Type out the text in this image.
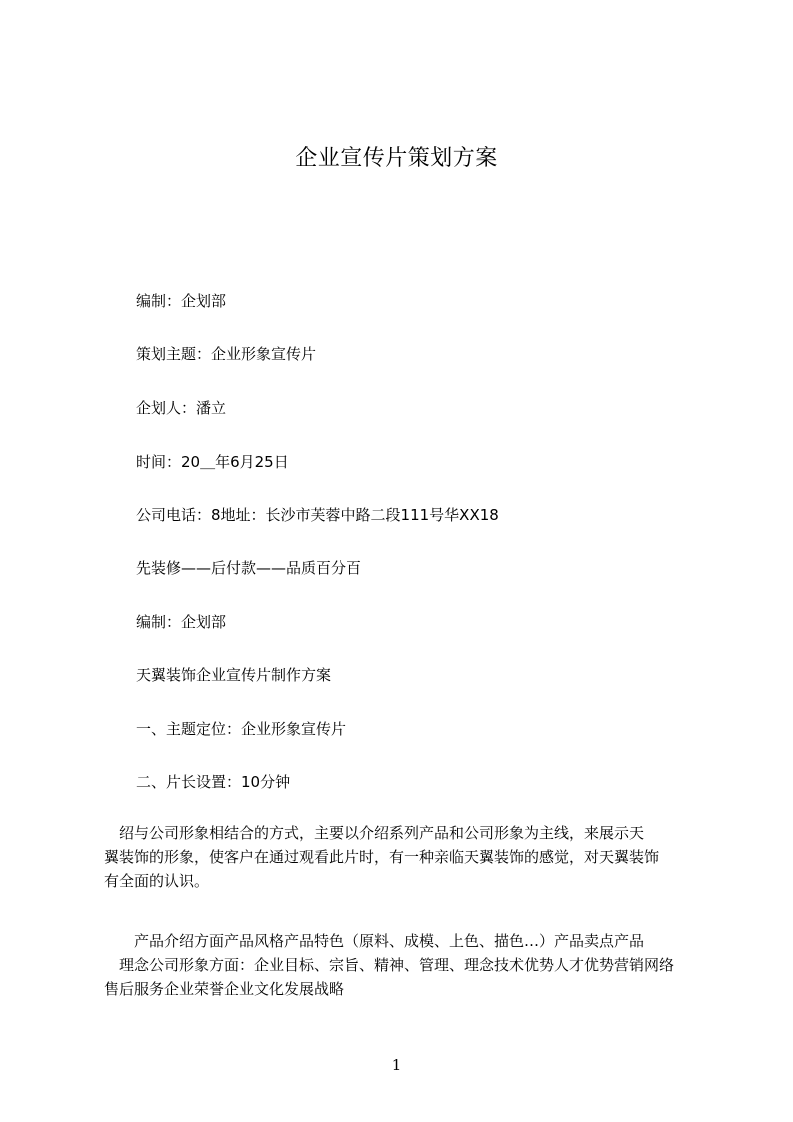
企业宣传片策划方案

编制：企划部

策划主题：企业形象宣传片

企划人：潘立

时间：20＿年6月25日

公司电话：8地址：长沙市芙蓉中路二段111号华XX18

先装修——后付款——品质百分百

编制：企划部

天翼装饰企业宣传片制作方案

一、主题定位：企业形象宣传片

二、片长设置：10分钟

　绍与公司形象相结合的方式，主要以介绍系列产品和公司形象为主线，来展示天
翼装饰的形象，使客户在通过观看此片时，有一种亲临天翼装饰的感觉，对天翼装饰
有全面的认识。
　　产品介绍方面产品风格产品特色（原料、成模、上色、描色…）产品卖点产品
　理念公司形象方面：企业目标、宗旨、精神、管理、理念技术优势人才优势营销网络
售后服务企业荣誉企业文化发展战略
1
